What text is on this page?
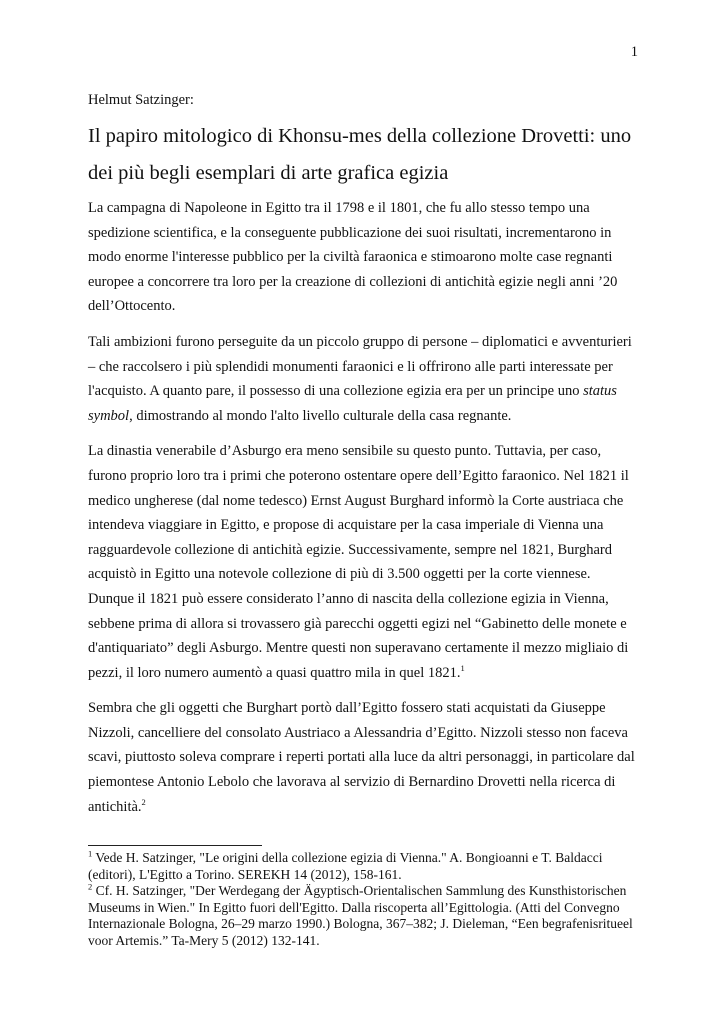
1
Helmut Satzinger:
Il papiro mitologico di Khonsu-mes della collezione Drovetti: uno dei più begli esemplari di arte grafica egizia

La campagna di Napoleone in Egitto tra il 1798 e il 1801, che fu allo stesso tempo una spedizione scientifica, e la conseguente pubblicazione dei suoi risultati, incrementarono in modo enorme l'interesse pubblico per la civiltà faraonica e stimoarono molte case regnanti europee a concorrere tra loro per la creazione di collezioni di antichità egizie negli anni ’20 dell’Ottocento.

Tali ambizioni furono perseguite da un piccolo gruppo di persone – diplomatici e avventurieri – che raccolsero i più splendidi monumenti faraonici e li offrirono alle parti interessate per l'acquisto. A quanto pare, il possesso di una collezione egizia era per un principe uno status symbol, dimostrando al mondo l'alto livello culturale della casa regnante.

La dinastia venerabile d’Asburgo era meno sensibile su questo punto. Tuttavia, per caso, furono proprio loro tra i primi che poterono ostentare opere dell’Egitto faraonico. Nel 1821 il medico ungherese (dal nome tedesco) Ernst August Burghard informò la Corte austriaca che intendeva viaggiare in Egitto, e propose di acquistare per la casa imperiale di Vienna una ragguardevole collezione di antichità egizie. Successivamente, sempre nel 1821, Burghard acquistò in Egitto una notevole collezione di più di 3.500 oggetti per la corte viennese. Dunque il 1821 può essere considerato l’anno di nascita della collezione egizia in Vienna, sebbene prima di allora si trovassero già parecchi oggetti egizi nel “Gabinetto delle monete e d'antiquariato” degli Asburgo. Mentre questi non superavano certamente il mezzo migliaio di pezzi, il loro numero aumentò a quasi quattro mila in quel 1821.$^1$

Sembra che gli oggetti che Burghart portò dall’Egitto fossero stati acquistati da Giuseppe Nizzoli, cancelliere del consolato Austriaco a Alessandria d’Egitto. Nizzoli stesso non faceva scavi, piuttosto soleva comprare i reperti portati alla luce da altri personaggi, in particolare dal piemontese Antonio Lebolo che lavorava al servizio di Bernardino Drovetti nella ricerca di antichità.$^2$

$^1$ Vede H. Satzinger, "Le origini della collezione egizia di Vienna." A. Bongioanni e T. Baldacci (editori), L'Egitto a Torino. SEREKH 14 (2012), 158-161.

$^2$ Cf. H. Satzinger, "Der Werdegang der Ägyptisch-Orientalischen Sammlung des Kunsthistorischen Museums in Wien." In Egitto fuori dell'Egitto. Dalla riscoperta all’Egittologia. (Atti del Convegno Internazionale Bologna, 26–29 marzo 1990.) Bologna, 367–382; J. Dieleman, “Een begrafenisritueel voor Artemis.” Ta-Mery 5 (2012) 132-141.
